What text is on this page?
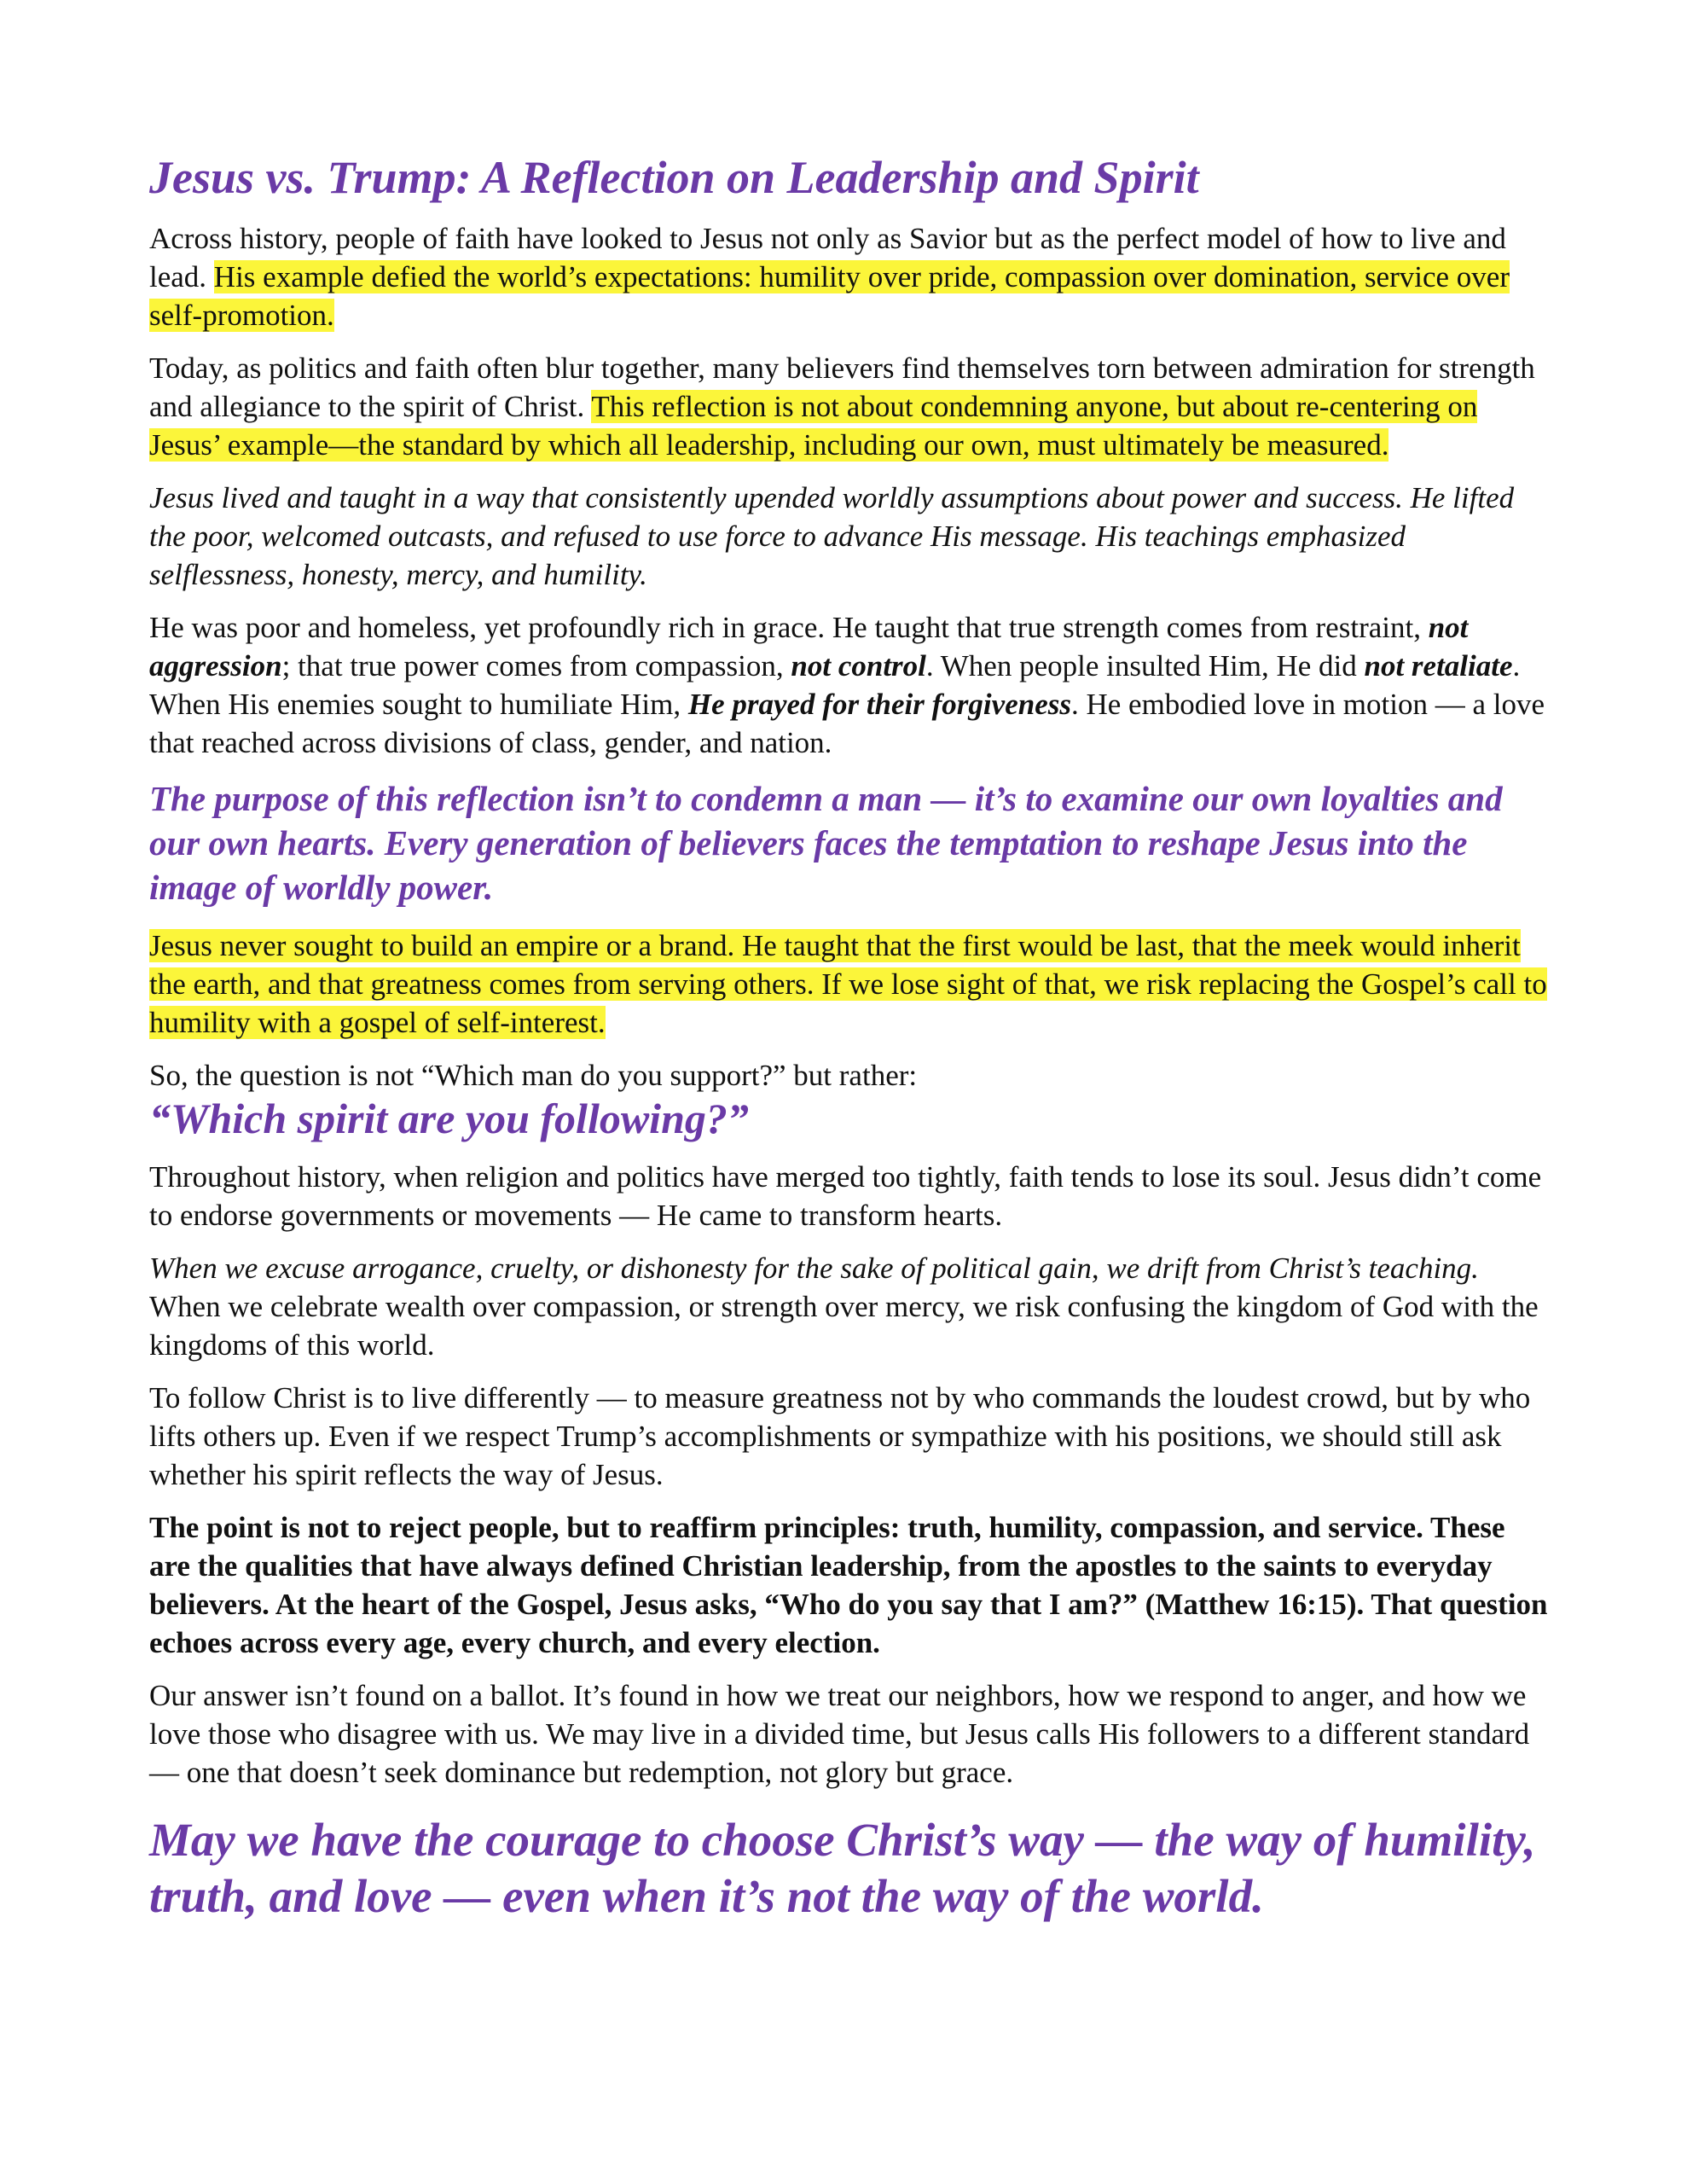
Jesus vs. Trump: A Reflection on Leadership and Spirit

Across history, people of faith have looked to Jesus not only as Savior but as the perfect model of how to live and lead. His example defied the world’s expectations: humility over pride, compassion over domination, service over self-promotion.

Today, as politics and faith often blur together, many believers find themselves torn between admiration for strength and allegiance to the spirit of Christ. This reflection is not about condemning anyone, but about re-centering on Jesus’ example—the standard by which all leadership, including our own, must ultimately be measured.

Jesus lived and taught in a way that consistently upended worldly assumptions about power and success. He lifted the poor, welcomed outcasts, and refused to use force to advance His message. His teachings emphasized selflessness, honesty, mercy, and humility.

He was poor and homeless, yet profoundly rich in grace. He taught that true strength comes from restraint, not aggression; that true power comes from compassion, not control. When people insulted Him, He did not retaliate. When His enemies sought to humiliate Him, He prayed for their forgiveness. He embodied love in motion — a love that reached across divisions of class, gender, and nation.

The purpose of this reflection isn’t to condemn a man — it’s to examine our own loyalties and our own hearts. Every generation of believers faces the temptation to reshape Jesus into the image of worldly power.

Jesus never sought to build an empire or a brand. He taught that the first would be last, that the meek would inherit the earth, and that greatness comes from serving others. If we lose sight of that, we risk replacing the Gospel’s call to humility with a gospel of self-interest.

So, the question is not “Which man do you support?” but rather:

“Which spirit are you following?”

Throughout history, when religion and politics have merged too tightly, faith tends to lose its soul. Jesus didn’t come to endorse governments or movements — He came to transform hearts.

When we excuse arrogance, cruelty, or dishonesty for the sake of political gain, we drift from Christ’s teaching. When we celebrate wealth over compassion, or strength over mercy, we risk confusing the kingdom of God with the kingdoms of this world.

To follow Christ is to live differently — to measure greatness not by who commands the loudest crowd, but by who lifts others up. Even if we respect Trump’s accomplishments or sympathize with his positions, we should still ask whether his spirit reflects the way of Jesus.

The point is not to reject people, but to reaffirm principles: truth, humility, compassion, and service. These are the qualities that have always defined Christian leadership, from the apostles to the saints to everyday believers. At the heart of the Gospel, Jesus asks, “Who do you say that I am?” (Matthew 16:15). That question echoes across every age, every church, and every election.

Our answer isn’t found on a ballot. It’s found in how we treat our neighbors, how we respond to anger, and how we love those who disagree with us. We may live in a divided time, but Jesus calls His followers to a different standard — one that doesn’t seek dominance but redemption, not glory but grace.

May we have the courage to choose Christ’s way — the way of humility, truth, and love — even when it’s not the way of the world.
